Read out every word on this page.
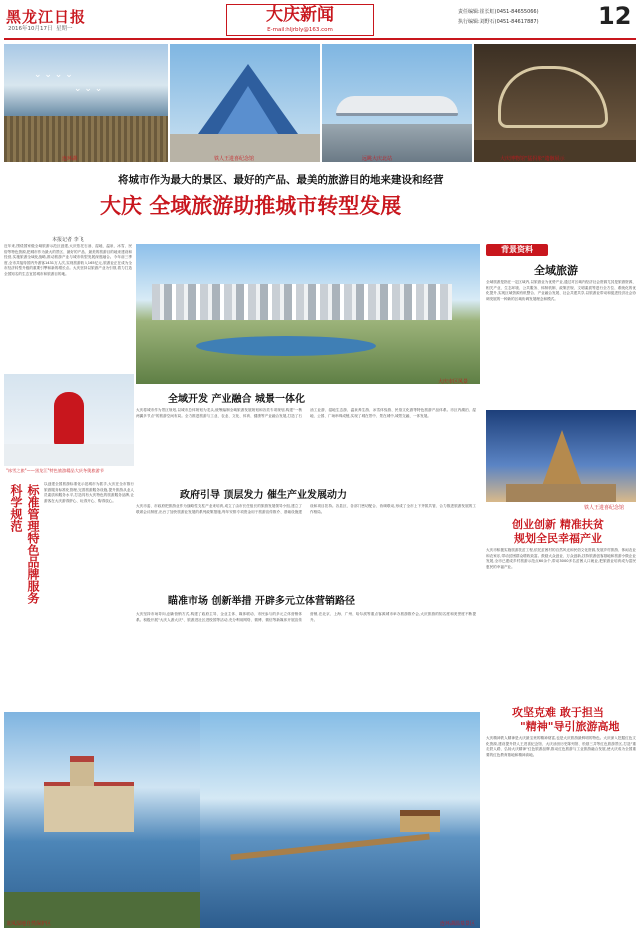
黑龙江日报
2016年10月17日 星期一
大庆新闻
E-mail:hljrbly@163.com
责任编辑:崔长虹(0451-84655066)
执行编辑:刘野石(0451-84617887) 12
⌄ ⌄ ⌄ ⌄
⌄ ⌄ ⌄
连环湖	铁人王进喜纪念馆	远眺大庆北站	大庆博物馆"猛犸象"遗骸展示
将城市作为最大的景区、最好的产品、最美的旅游目的地来建设和经营
大庆 全域旅游助推城市转型发展
本报记者 李飞
近年来,围绕国家级全域旅游示范区创建,大庆依托石油、湿地、温泉、冰雪、民俗等特色资源,把城市作为最大的景区、最好的产品、最美的旅游目的地来建设和经营,实施旅游全域化战略,推动旅游产业与城市转型发展深度融合。今年前三季度,全市共接待国内外游客1431万人次,实现旅游收入165亿元,旅游业正在成为全市经济转型升级的重要引擎和新的增长点。大庆坚持以旅游产业为引领,着力打造全国知名的生态宜居城市和旅游目的地。
大庆市区风景
背景资料
全域旅游
全域旅游是指在一定区域内,以旅游业为优势产业,通过对区域内经济社会资源尤其是旅游资源、相关产业、生态环境、公共服务、体制机制、政策法规、文明素质等进行全方位、系统化的优化提升,实现区域资源有机整合、产业融合发展、社会共建共享,以旅游业带动和促进经济社会协调发展的一种新的区域协调发展理念和模式。
全域开发 产业融合 城景一体化
大庆将城市作为景区规划,以城市总体规划为龙头,统筹编制全域旅游发展规划和各类专项规划,构建"一核两翼多节点"的旅游空间布局。全力推进旅游与工业、农业、文化、体育、健康等产业融合发展,打造了石油工业游、湿地生态游、温泉养生游、冰雪体验游、民俗文化游等特色旅游产品体系。市区内湖泊、湿地、公园、广场串珠成链,实现了城在景中、景在城中,城景交融、一体发展。
"冰雪之旅"——黑龙江"特色旅游精品大庆冬奥旅游节
以创建全国旅游标准化示范城市为抓手,大庆在全市推行旅游服务标准化管理,完善旅游服务设施,提升旅游从业人员素质和服务水平,打造具有大庆特色的旅游服务品牌,让游客在大庆游得舒心、玩得开心、购得放心。
标准管理
科学规范
特色品牌服务
政府引导 顶层发力 催生产业发展动力
大庆市委、市政府把旅游业作为战略性支柱产业来培育,成立了由市长任组长的旅游发展领导小组,建立了联席会议制度,出台了加快旅游业发展的系列政策措施,每年安排专项资金用于旅游宣传推介、基础设施建设和项目扶持。各县区、各部门密切配合、协调联动,形成了全市上下齐抓共管、合力推进旅游发展的工作格局。
瞄准市场 创新举措 开辟多元立体营销路径
大庆坚持市场导向,创新营销方式,构建了政府主导、企业主体、媒体联动、市民参与的多元立体营销体系。积极开展"大庆人游大庆"、旅游进社区进校园等活动,充分利用网络、微博、微信等新媒体开展宣传营销,在北京、上海、广州、哈尔滨等重点客源城市举办旅游推介会,大庆旅游的知名度和美誉度不断提升。
铁人王进喜纪念馆
创业创新 精准扶贫
规划全民幸福产业
大庆市积极实施旅游扶贫工程,依托贫困村的自然风光和民俗文化资源,发展乡村旅游、休闲农业和农家乐,带动贫困群众增收致富。鼓励大众创业、万众创新,扶持旅游创客基地和旅游小微企业发展,全市已建成乡村旅游示范点60余个,带动3000多名贫困人口就业,把旅游业培育成为富民惠民的幸福产业。
攻坚克难 敢于担当
"精神"导引旅游高地
大庆精神铁人精神是大庆最宝贵的精神财富,也是大庆旅游最鲜明的特色。大庆深入挖掘红色文化资源,建设提升铁人王进喜纪念馆、大庆油田历史陈列馆、松基三井等红色旅游景区,打造"重走铁人路、弘扬大庆精神"红色旅游品牌,推动红色旅游与工业旅游融合发展,使大庆成为全国重要的红色教育基地和精神高地。
龙凤湿地自然保护区	连环湖温泉景区
